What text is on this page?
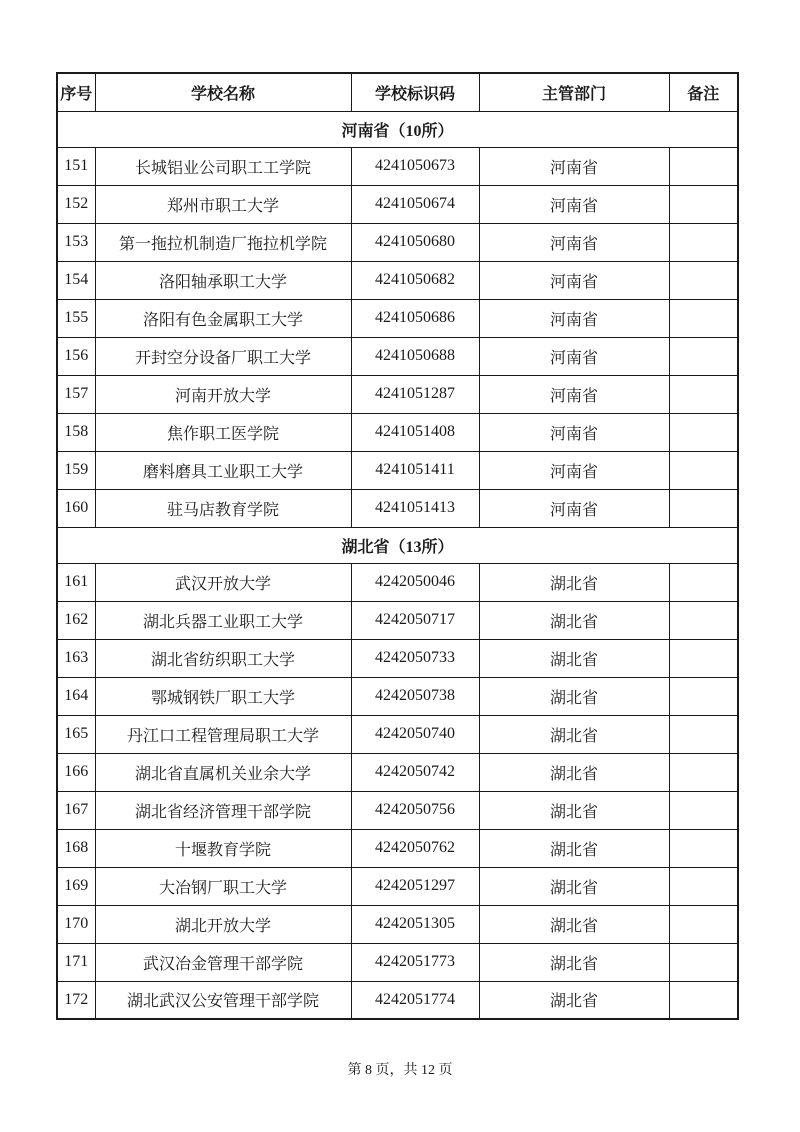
序号	学校名称	学校标识码	主管部门	备注
河南省（10所）				
151	长城铝业公司职工工学院	4241050673	河南省	
152	郑州市职工大学	4241050674	河南省	
153	第一拖拉机制造厂拖拉机学院	4241050680	河南省	
154	洛阳轴承职工大学	4241050682	河南省	
155	洛阳有色金属职工大学	4241050686	河南省	
156	开封空分设备厂职工大学	4241050688	河南省	
157	河南开放大学	4241051287	河南省	
158	焦作职工医学院	4241051408	河南省	
159	磨料磨具工业职工大学	4241051411	河南省	
160	驻马店教育学院	4241051413	河南省	
湖北省（13所）				
161	武汉开放大学	4242050046	湖北省	
162	湖北兵器工业职工大学	4242050717	湖北省	
163	湖北省纺织职工大学	4242050733	湖北省	
164	鄂城钢铁厂职工大学	4242050738	湖北省	
165	丹江口工程管理局职工大学	4242050740	湖北省	
166	湖北省直属机关业余大学	4242050742	湖北省	
167	湖北省经济管理干部学院	4242050756	湖北省	
168	十堰教育学院	4242050762	湖北省	
169	大冶钢厂职工大学	4242051297	湖北省	
170	湖北开放大学	4242051305	湖北省	
171	武汉冶金管理干部学院	4242051773	湖北省	
172	湖北武汉公安管理干部学院	4242051774	湖北省	
第 8 页，共 12 页
